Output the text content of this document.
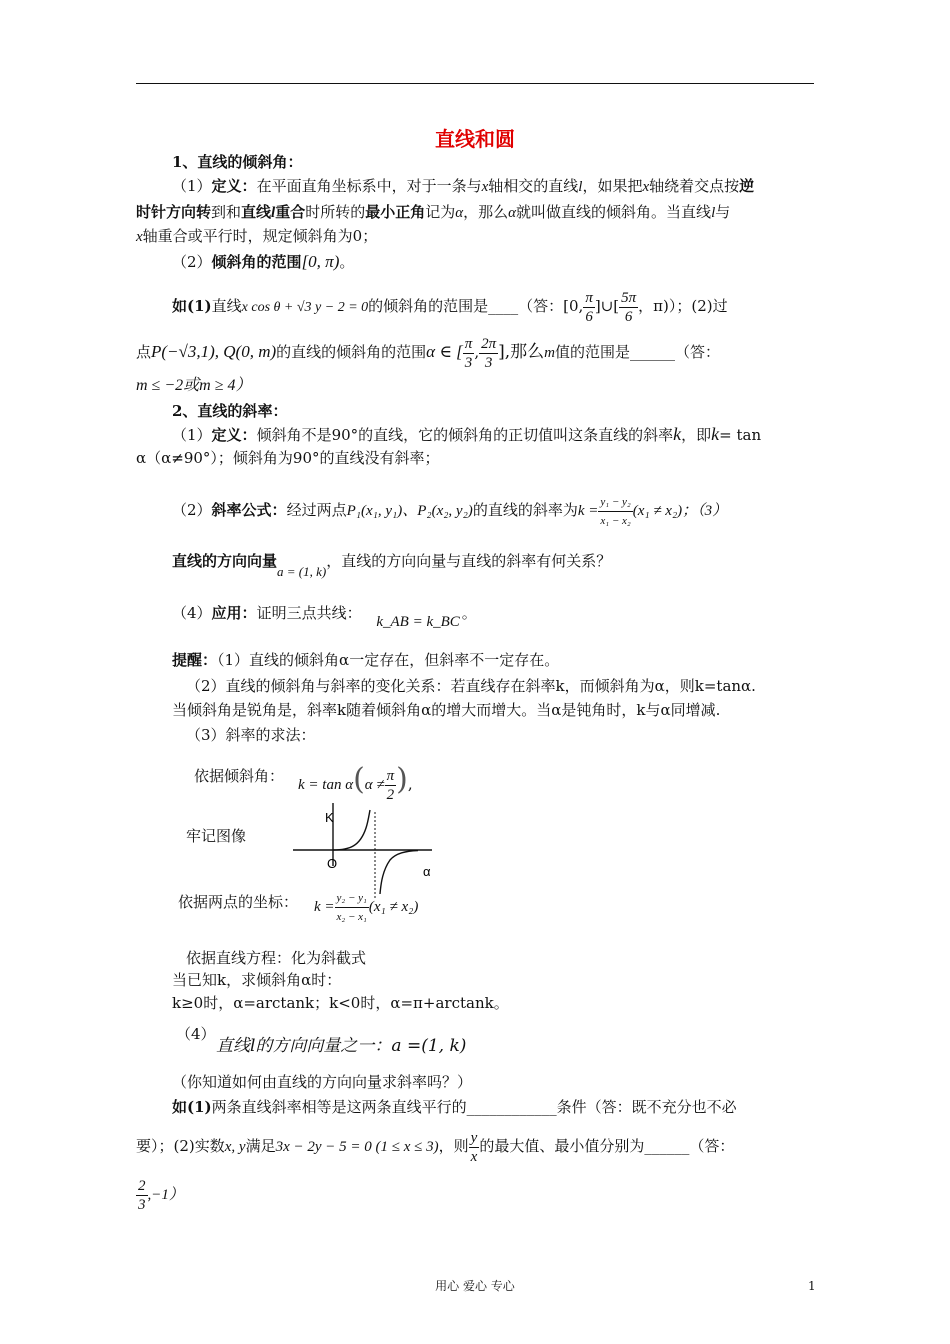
直线和圆
1、直线的倾斜角：
（1）定义：在平面直角坐标系中，对于一条与x轴相交的直线l，如果把x轴绕着交点按逆
时针方向转到和直线l重合时所转的最小正角记为α，那么α就叫做直线的倾斜角。当直线l与
x轴重合或平行时，规定倾斜角为0；
（2）倾斜角的范围[0, π)。
如(1)直线x cos θ + √3 y − 2 = 0的倾斜角的范围是____（答：[0, $\frac{\pi}{6}$ ]∪[ $\frac{5\pi}{6}$ ，π)）；(2)过
点P(−√3,1), Q(0, m)的直线的倾斜角的范围α ∈ [ $\frac{\pi}{3}$ , $\frac{2\pi}{3}$ ],那么m值的范围是______（答：
m ≤ −2或m ≥ 4）
2、直线的斜率：
（1）定义：倾斜角不是90°的直线，它的倾斜角的正切值叫这条直线的斜率k，即k= tan
α（α≠90°）；倾斜角为90°的直线没有斜率；
（2）斜率公式：经过两点P₁(x₁, y₁)、P₂(x₂, y₂)的直线的斜率为$k = \frac{\text{y₁ − y₂}}{\text{x₁ − x₂}} (x_1 \ne x_2)$；（3）
直线的方向向量a = (1, k)，直线的方向向量与直线的斜率有何关系？
（4）应用：证明三点共线： k_AB = k_BC 。
提醒：（1）直线的倾斜角α一定存在，但斜率不一定存在。
（2）直线的倾斜角与斜率的变化关系：若直线存在斜率k，而倾斜角为α，则k=tanα.
当倾斜角是锐角是，斜率k随着倾斜角α的增大而增大。当α是钝角时，k与α同增减.
（3）斜率的求法：
依据倾斜角： $k = \tan \alpha(\alpha \ne \frac{\pi}{2}$ ),
牢记图像
K
O
α
依据两点的坐标： $k = \frac{\text{y₂ − y₁}}{\text{x₂ − x₁}} (x_1 \ne x_2)$
依据直线方程：化为斜截式
当已知k，求倾斜角α时：
k≥0时，α=arctank；k<0时，α=π+arctank。
（4）
直线l的方向向量之一：a =(1, k)
（你知道如何由直线的方向向量求斜率吗？）
如(1)两条直线斜率相等是这两条直线平行的____________条件（答：既不充分也不必
要）；(2)实数x, y满足3x − 2y − 5 = 0 (1 ≤ x ≤ 3)，则 $\frac{y}{x}$ 的最大值、最小值分别为______（答：
$\frac{2}{3} ,-1$）
用心 爱心 专心	1
